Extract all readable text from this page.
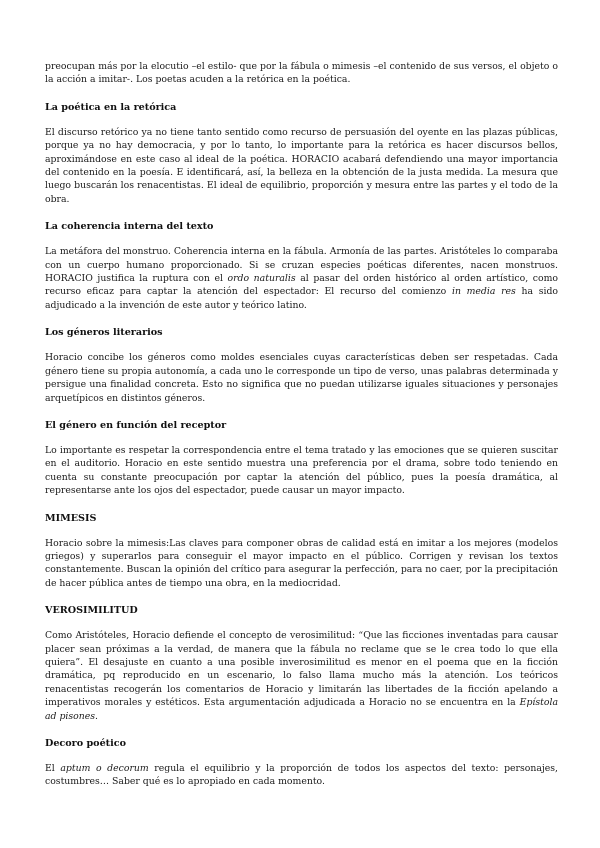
preocupan más por la elocutio –el estilo- que por la fábula o mimesis –el contenido de sus versos, el objeto o la acción a imitar-. Los poetas acuden a la retórica en la poética.

La poética en la retórica

El discurso retórico ya no tiene tanto sentido como recurso de persuasión del oyente en las plazas públicas, porque ya no hay democracia, y por lo tanto, lo importante para la retórica es hacer discursos bellos, aproximándose en este caso al ideal de la poética. HORACIO acabará defendiendo una mayor importancia del contenido en la poesía. E identificará, así, la belleza en la obtención de la justa medida. La mesura que luego buscarán los renacentistas. El ideal de equilibrio, proporción y mesura entre las partes y el todo de la obra.

La coherencia interna del texto

La metáfora del monstruo. Coherencia interna en la fábula. Armonía de las partes. Aristóteles lo comparaba con un cuerpo humano proporcionado. Si se cruzan especies poéticas diferentes, nacen monstruos. HORACIO justifica la ruptura con el ordo naturalis al pasar del orden histórico al orden artístico, como recurso eficaz para captar la atención del espectador: El recurso del comienzo in media res ha sido adjudicado a la invención de este autor y teórico latino.

Los géneros literarios

Horacio concibe los géneros como moldes esenciales cuyas características deben ser respetadas. Cada género tiene su propia autonomía, a cada uno le corresponde un tipo de verso, unas palabras determinada y persigue una finalidad concreta. Esto no significa que no puedan utilizarse iguales situaciones y personajes arquetípicos en distintos géneros.

El género en función del receptor

Lo importante es respetar la correspondencia entre el tema tratado y las emociones que se quieren suscitar en el auditorio. Horacio en este sentido muestra una preferencia por el drama, sobre todo teniendo en cuenta su constante preocupación por captar la atención del público, pues la poesía dramática, al representarse ante los ojos del espectador, puede causar un mayor impacto.

MIMESIS

Horacio sobre la mimesis:Las claves para componer obras de calidad está en imitar a los mejores (modelos griegos) y superarlos para conseguir el mayor impacto en el público. Corrigen y revisan los textos constantemente. Buscan la opinión del crítico para asegurar la perfección, para no caer, por la precipitación de hacer pública antes de tiempo una obra, en la mediocridad.

VEROSIMILITUD

Como Aristóteles, Horacio defiende el concepto de verosimilitud: “Que las ficciones inventadas para causar placer sean próximas a la verdad, de manera que la fábula no reclame que se le crea todo lo que ella quiera”. El desajuste en cuanto a una posible inverosimilitud es menor en el poema que en la ficción dramática, pq reproducido en un escenario, lo falso llama mucho más la atención. Los teóricos renacentistas recogerán los comentarios de Horacio y limitarán las libertades de la ficción apelando a imperativos morales y estéticos. Esta argumentación adjudicada a Horacio no se encuentra en la Epístola ad pisones.

Decoro poético

El aptum o decorum regula el equilibrio y la proporción de todos los aspectos del texto: personajes, costumbres… Saber qué es lo apropiado en cada momento.
